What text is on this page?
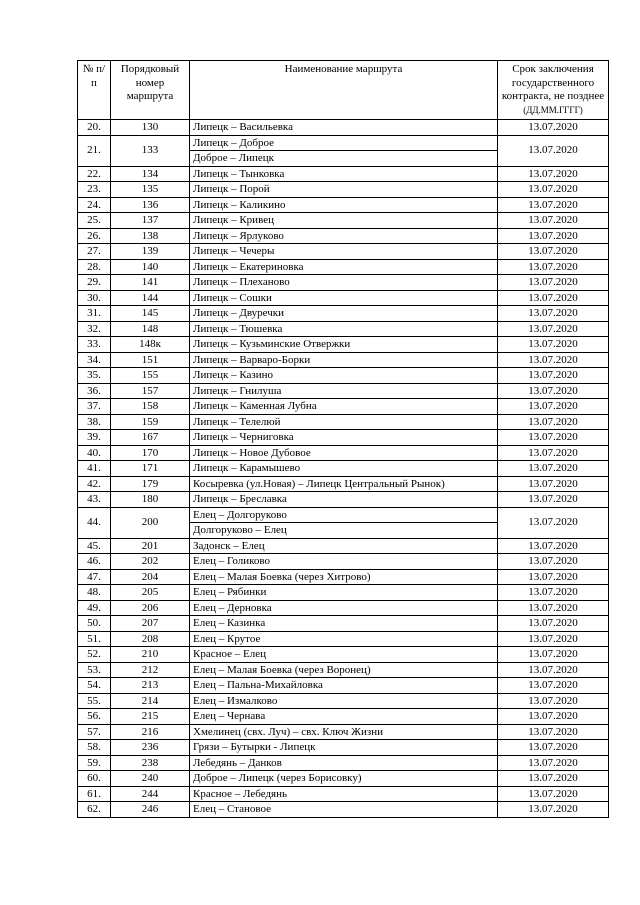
№ п/п	Порядковый номер маршрута	Наименование маршрута	Срок заключения государственного контракта, не позднее
(ДД.ММ.ГГГГ)

20.	130	Липецк – Васильевка	13.07.2020
21.	133	Липецк – Доброе	13.07.2020
		Доброе – Липецк	
22.	134	Липецк – Тынковка	13.07.2020
23.	135	Липецк – Порой	13.07.2020
24.	136	Липецк – Каликино	13.07.2020
25.	137	Липецк – Кривец	13.07.2020
26.	138	Липецк – Ярлуково	13.07.2020
27.	139	Липецк – Чечеры	13.07.2020
28.	140	Липецк – Екатериновка	13.07.2020
29.	141	Липецк – Плеханово	13.07.2020
30.	144	Липецк – Сошки	13.07.2020
31.	145	Липецк – Двуречки	13.07.2020
32.	148	Липецк – Тюшевка	13.07.2020
33.	148к	Липецк – Кузьминские Отвержки	13.07.2020
34.	151	Липецк – Варваро-Борки	13.07.2020
35.	155	Липецк – Казино	13.07.2020
36.	157	Липецк – Гнилуша	13.07.2020
37.	158	Липецк – Каменная Лубна	13.07.2020
38.	159	Липецк – Телелюй	13.07.2020
39.	167	Липецк – Черниговка	13.07.2020
40.	170	Липецк – Новое Дубовое	13.07.2020
41.	171	Липецк – Карамышево	13.07.2020
42.	179	Косыревка (ул.Новая) – Липецк Центральный Рынок)	13.07.2020
43.	180	Липецк – Бреславка	13.07.2020
44.	200	Елец – Долгоруково	13.07.2020
		Долгоруково – Елец	
45.	201	Задонск – Елец	13.07.2020
46.	202	Елец – Голиково	13.07.2020
47.	204	Елец – Малая Боевка (через Хитрово)	13.07.2020
48.	205	Елец – Рябинки	13.07.2020
49.	206	Елец – Дерновка	13.07.2020
50.	207	Елец – Казинка	13.07.2020
51.	208	Елец – Крутое	13.07.2020
52.	210	Красное – Елец	13.07.2020
53.	212	Елец – Малая Боевка (через Воронец)	13.07.2020
54.	213	Елец – Пальна-Михайловка	13.07.2020
55.	214	Елец – Измалково	13.07.2020
56.	215	Елец – Чернава	13.07.2020
57.	216	Хмелинец (свх. Луч) – свх. Ключ Жизни	13.07.2020
58.	236	Грязи – Бутырки - Липецк	13.07.2020
59.	238	Лебедянь – Данков	13.07.2020
60.	240	Доброе – Липецк (через Борисовку)	13.07.2020
61.	244	Красное – Лебедянь	13.07.2020
62.	246	Елец – Становое	13.07.2020
